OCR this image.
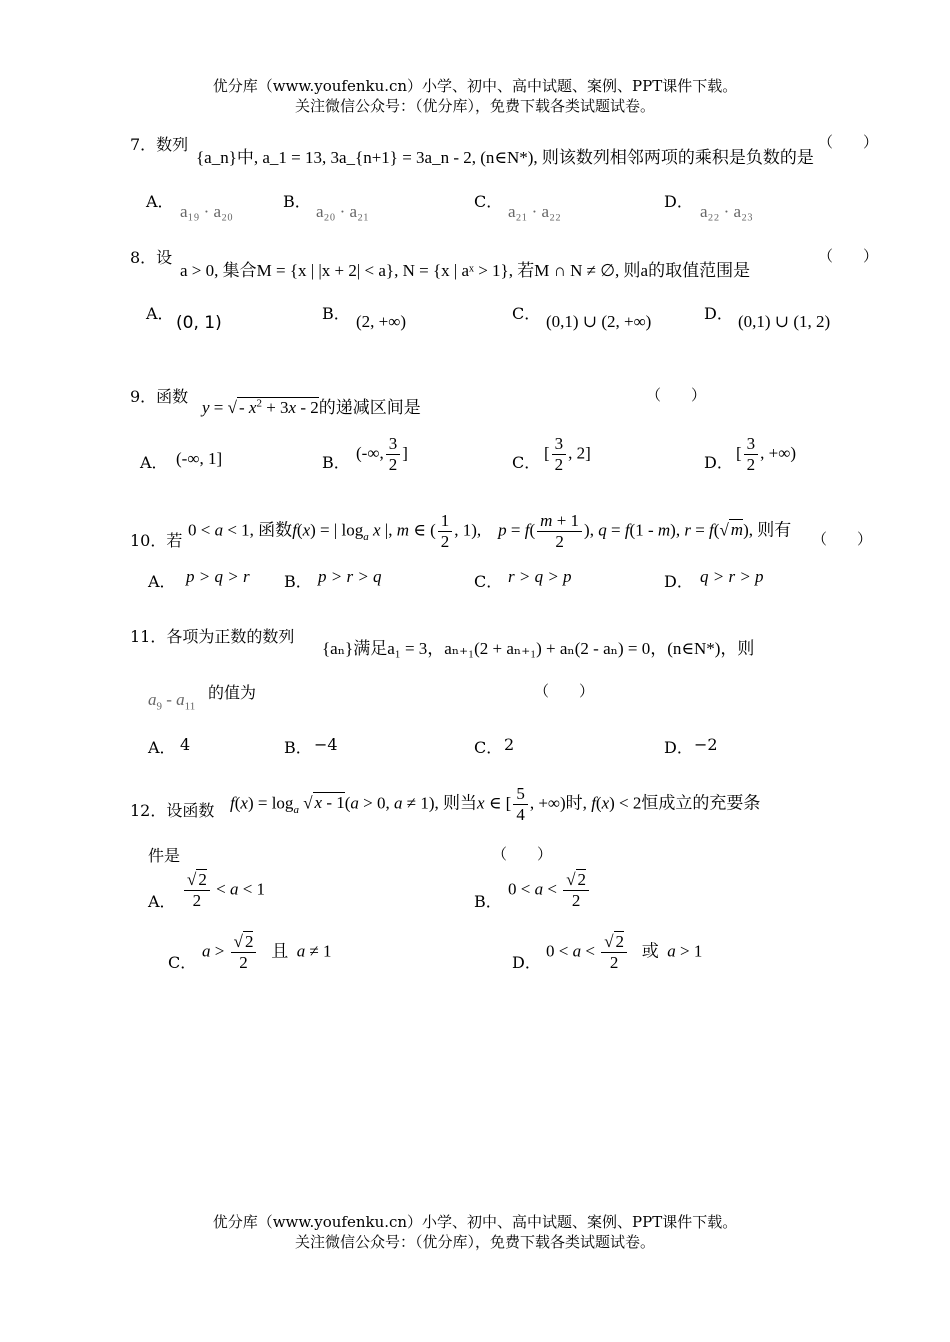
优分库（www.youfenku.cn）小学、初中、高中试题、案例、PPT课件下载。
关注微信公众号：（优分库），免费下载各类试题试卷。
7．数列
{a_n}中, a_1 = 13, 3a_{n+1} = 3a_n - 2, (n∈N*), 则该数列相邻两项的乘积是负数的是
（　　）
A．
a₁₉ · a₂₀
B．
a₂₀ · a₂₁
C．
a₂₁ · a₂₂
D．
a₂₂ · a₂₃
8．设
a > 0, 集合M = {x | |x + 2| < a}, N = {x | aˣ > 1}, 若M ∩ N ≠ ∅, 则a的取值范围是
（　　）
A． (0, 1)	B． (2, +∞)	C． (0,1) ∪ (2, +∞)	D． (0,1) ∪ (1, 2)
9．函数
y = √ - $x^2 + 3x - 2$的递减区间是
（　　）
A． (-∞, 1]	B．
(-∞, $\frac{3}{2}$ ]
C．
[ $\frac{3}{2}$ , 2]
D．
[ $\frac{3}{2}$ , +∞)
10．若
0 < a < 1, 函数f(x) = | $\log_a x$ |, m ∈ ( $\frac{1}{2}$ , 1),    $p = f( \frac{m + 1}{2}$ ), q = f(1 - m), r = f(√ m), 则有 （　　）
A． p > q > r B． p > r > q	C． r > q > p	D． q > r > p
11．各项为正数的数列
{aₙ}满足a₁ = 3，aₙ₊₁(2 + aₙ₊₁) + aₙ(2 - aₙ) = 0，(n∈N*)，则
$a_9 - a_{11}$
的值为	（　　）
A． 4	B． −4	C． 2	D． −2
12．设函数 $f(x) = \log_a$ √ x - 1(a > 0, a ≠ 1), 则当x ∈ [ $\frac{5}{4}$ , +∞)时, f(x) < 2恒成立的充要条
件是	（　　）
A． $\frac{√ 2}{2} < a < 1$
B．
$0 < a < \frac{√ 2}{2}$
C．
$a > \frac{√ 2}{2}$ 且  a ≠ 1
D．
$0 < a < \frac{√ 2}{2}$ 或  a > 1
优分库（www.youfenku.cn）小学、初中、高中试题、案例、PPT课件下载。
关注微信公众号：（优分库），免费下载各类试题试卷。
